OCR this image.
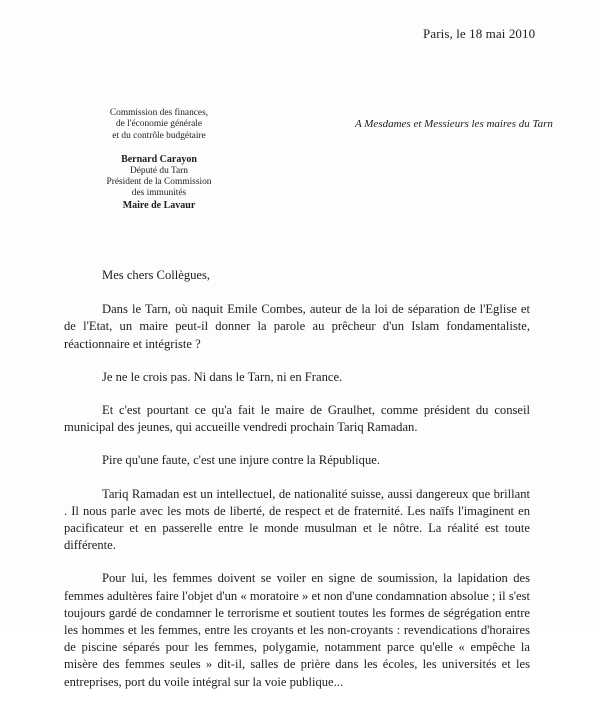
Paris, le 18 mai 2010
Commission des finances,
de l'économie générale
et du contrôle budgétaire
Bernard Carayon
Député du Tarn
Président de la Commission
des immunités
Maire de Lavaur
A Mesdames et Messieurs les maires du Tarn

Mes chers Collègues,

Dans le Tarn, où naquit Emile Combes, auteur de la loi de séparation de l'Eglise et de l'Etat, un maire peut-il donner la parole au prêcheur d'un Islam fondamentaliste, réactionnaire et intégriste ?

Je ne le crois pas. Ni dans le Tarn, ni en France.

Et c'est pourtant ce qu'a fait le maire de Graulhet, comme président du conseil municipal des jeunes, qui accueille vendredi prochain Tariq Ramadan.

Pire qu'une faute, c'est une injure contre la République.

Tariq Ramadan est un intellectuel, de nationalité suisse, aussi dangereux que brillant . Il nous parle avec les mots de liberté, de respect et de fraternité. Les naïfs l'imaginent en pacificateur et en passerelle entre le monde musulman et le nôtre. La réalité est toute différente.

Pour lui, les femmes doivent se voiler en signe de soumission, la lapidation des femmes adultères faire l'objet d'un « moratoire » et non d'une condamnation absolue ; il s'est toujours gardé de condamner le terrorisme et soutient toutes les formes de ségrégation entre les hommes et les femmes, entre les croyants et les non-croyants : revendications d'horaires de piscine séparés pour les femmes, polygamie, notamment parce qu'elle « empêche la misère des femmes seules » dit-il, salles de prière dans les écoles, les universités et les entreprises, port du voile intégral sur la voie publique...
